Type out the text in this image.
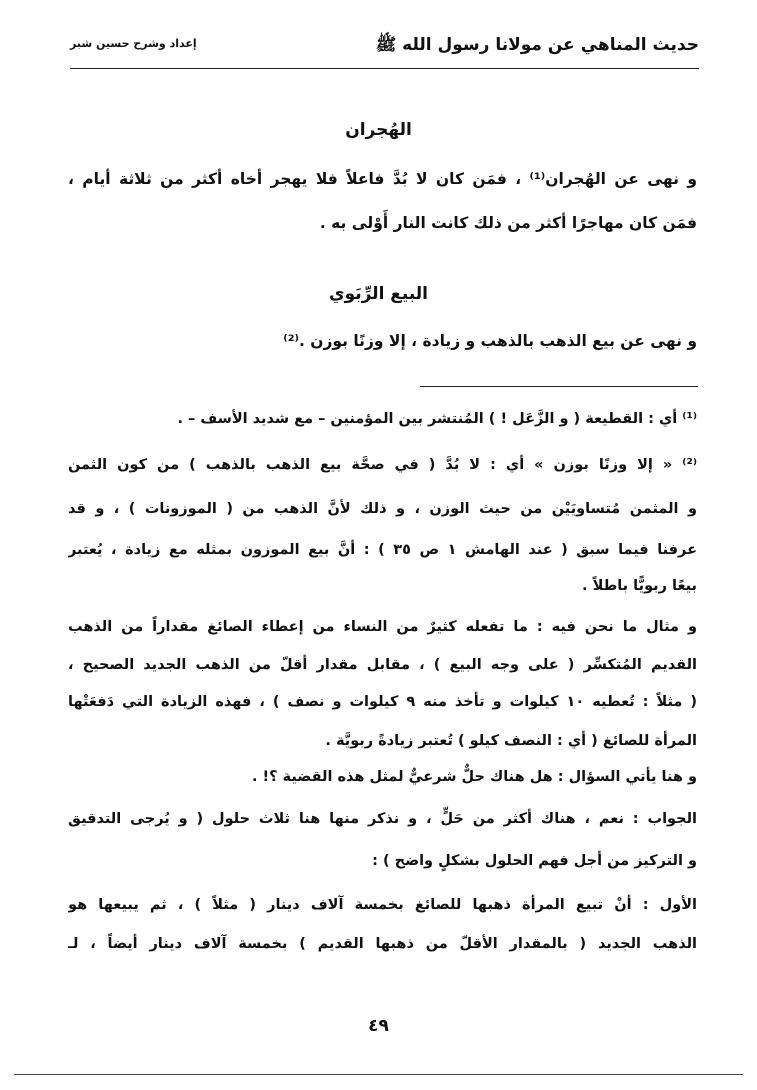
حديث المناهي عن مولانا رسول الله ﷺ
إعداد وشرح حسين شبر
الهُجران
و نهى عن الهُجران⁽¹⁾ ، فمَن كان لا بُدَّ فاعلاً فلا يهجر أخاه أكثر من ثلاثة أيام ،
فمَن كان مهاجرًا أكثر من ذلك كانت النار أَوْلى به .
البيع الرِّبَوي
و نهى عن بيع الذهب بالذهب و زيادة ، إلا وزنًا بوزن .⁽²⁾
⁽¹⁾ أي : القطيعة ( و الزَّعَل ! ) المُنتشر بين المؤمنين – مع شديد الأسف – .
⁽²⁾ « إلا وزنًا بوزن » أي : لا بُدَّ ( في صحَّة بيع الذهب بالذهب ) من كون الثمن
و المثمن مُتساويَيْن من حيث الوزن ، و ذلك لأنَّ الذهب من ( الموزونات ) ، و قد
عرفنا فيما سبق ( عند الهامش ١ ص ٣٥ ) : أنَّ بيع الموزون بمثله مع زيادة ، يُعتبر
بيعًا ربويًّا باطلاً .
و مثال ما نحن فيه : ما تفعله كثيرٌ من النساء من إعطاء الصائغ مقداراً من الذهب
القديم المُتكسِّر ( على وجه البيع ) ، مقابل مقدار أقلّ من الذهب الجديد الصحيح ،
( مثلاً : تُعطيه ١٠ كيلوات و تأخذ منه ٩ كيلوات و نصف ) ، فهذه الزيادة التي دَفعَتْها
المرأة للصائغ ( أي : النصف كيلو ) تُعتبر زيادةً ربويَّة .
و هنا يأتي السؤال : هل هناك حلٌّ شرعيٌّ لمثل هذه القضية ؟! .
الجواب : نعم ، هناك أكثر من حَلٍّ ، و نذكر منها هنا ثلاث حلول ( و يُرجى التدقيق
و التركيز من أجل فهم الحلول بشكلٍ واضح ) :
الأول : أنْ تبيع المرأة ذهبها للصائغ بخمسة آلاف دينار ( مثلاً ) ، ثم يبيعها هو
الذهب الجديد ( بالمقدار الأقلّ من ذهبها القديم ) بخمسة آلاف دينار أيضاً ، لـ
٤٩
